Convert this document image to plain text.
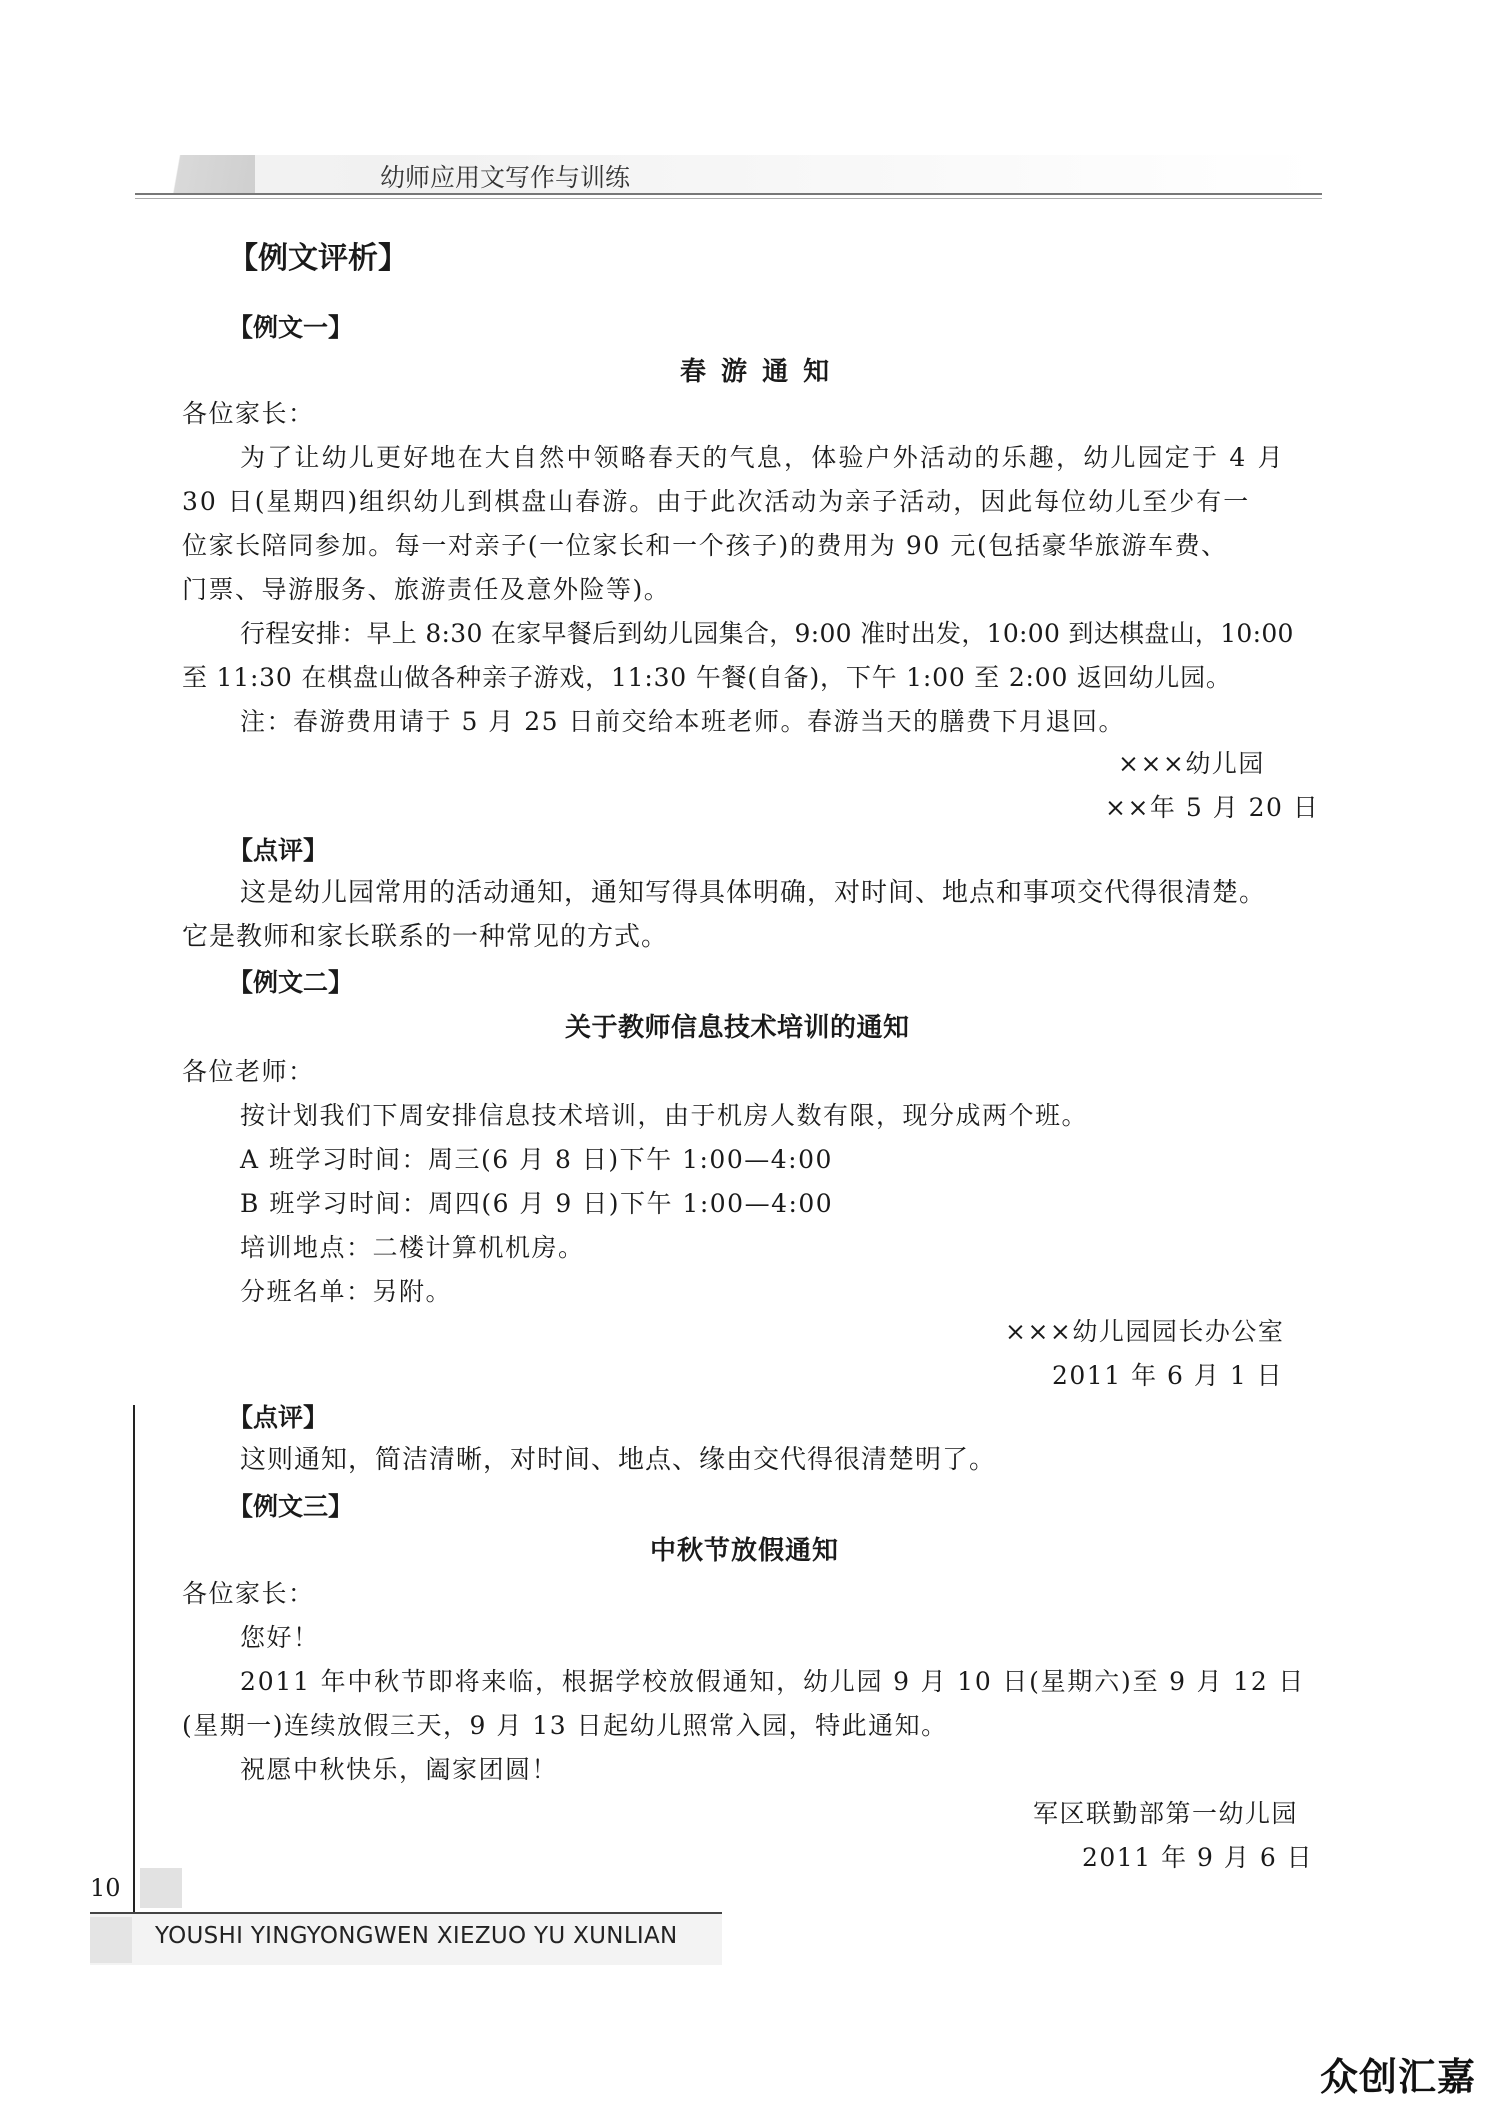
幼师应用文写作与训练
【例文评析】
【例文一】
春 游 通 知
各位家长：
为了让幼儿更好地在大自然中领略春天的气息，体验户外活动的乐趣，幼儿园定于 4 月
30 日(星期四)组织幼儿到棋盘山春游。由于此次活动为亲子活动，因此每位幼儿至少有一
位家长陪同参加。每一对亲子(一位家长和一个孩子)的费用为 90 元(包括豪华旅游车费、
门票、导游服务、旅游责任及意外险等)。
行程安排：早上 8:30 在家早餐后到幼儿园集合，9:00 准时出发，10:00 到达棋盘山，10:00
至 11:30 在棋盘山做各种亲子游戏，11:30 午餐(自备)，下午 1:00 至 2:00 返回幼儿园。
注：春游费用请于 5 月 25 日前交给本班老师。春游当天的膳费下月退回。
×××幼儿园
××年 5 月 20 日
【点评】
这是幼儿园常用的活动通知，通知写得具体明确，对时间、地点和事项交代得很清楚。
它是教师和家长联系的一种常见的方式。
【例文二】
关于教师信息技术培训的通知
各位老师：
按计划我们下周安排信息技术培训，由于机房人数有限，现分成两个班。
A 班学习时间：周三(6 月 8 日)下午 1:00—4:00
B 班学习时间：周四(6 月 9 日)下午 1:00—4:00
培训地点：二楼计算机机房。
分班名单：另附。
×××幼儿园园长办公室
2011 年 6 月 1 日
【点评】
这则通知，简洁清晰，对时间、地点、缘由交代得很清楚明了。
【例文三】
中秋节放假通知
各位家长：
您好！
2011 年中秋节即将来临，根据学校放假通知，幼儿园 9 月 10 日(星期六)至 9 月 12 日
(星期一)连续放假三天，9 月 13 日起幼儿照常入园，特此通知。
祝愿中秋快乐，阖家团圆！
军区联勤部第一幼儿园
2011 年 9 月 6 日
10
YOUSHI YINGYONGWEN XIEZUO YU XUNLIAN
众创汇嘉
